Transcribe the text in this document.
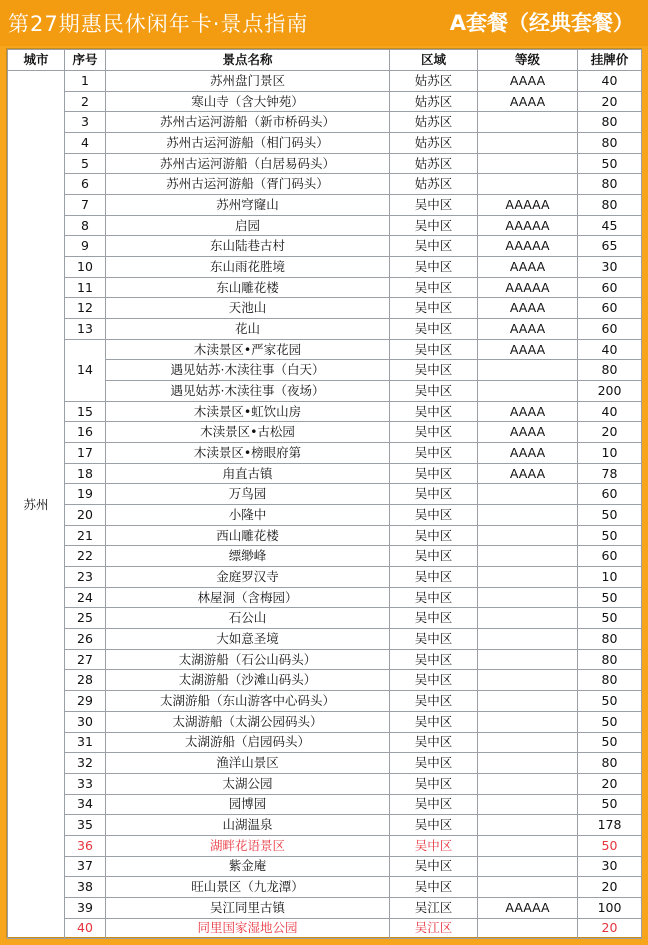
第27期惠民休闲年卡·景点指南	A套餐（经典套餐）
城市	序号	景点名称	区域	等级	挂牌价
苏州	1	苏州盘门景区	姑苏区	AAAA	40
	2	寒山寺（含大钟苑）	姑苏区	AAAA	20
	3	苏州古运河游船（新市桥码头）	姑苏区		80
	4	苏州古运河游船（相门码头）	姑苏区		80
	5	苏州古运河游船（白居易码头）	姑苏区		50
	6	苏州古运河游船（胥门码头）	姑苏区		80
	7	苏州穹窿山	吴中区	AAAAA	80
	8	启园	吴中区	AAAAA	45
	9	东山陆巷古村	吴中区	AAAAA	65
	10	东山雨花胜境	吴中区	AAAA	30
	11	东山雕花楼	吴中区	AAAAA	60
	12	天池山	吴中区	AAAA	60
	13	花山	吴中区	AAAA	60
	14	木渎景区•严家花园	吴中区	AAAA	40
		遇见姑苏·木渎往事（白天）	吴中区		80
		遇见姑苏·木渎往事（夜场）	吴中区		200
	15	木渎景区•虹饮山房	吴中区	AAAA	40
	16	木渎景区•古松园	吴中区	AAAA	20
	17	木渎景区•榜眼府第	吴中区	AAAA	10
	18	甪直古镇	吴中区	AAAA	78
	19	万鸟园	吴中区		60
	20	小隆中	吴中区		50
	21	西山雕花楼	吴中区		50
	22	缥缈峰	吴中区		60
	23	金庭罗汉寺	吴中区		10
	24	林屋洞（含梅园）	吴中区		50
	25	石公山	吴中区		50
	26	大如意圣境	吴中区		80
	27	太湖游船（石公山码头）	吴中区		80
	28	太湖游船（沙滩山码头）	吴中区		80
	29	太湖游船（东山游客中心码头）	吴中区		50
	30	太湖游船（太湖公园码头）	吴中区		50
	31	太湖游船（启园码头）	吴中区		50
	32	渔洋山景区	吴中区		80
	33	太湖公园	吴中区		20
	34	园博园	吴中区		50
	35	山湖温泉	吴中区		178
	36	湖畔花语景区	吴中区		50
	37	紫金庵	吴中区		30
	38	旺山景区（九龙潭）	吴中区		20
	39	吴江同里古镇	吴江区	AAAAA	100
	40	同里国家湿地公园	吴江区		20
大苏网
